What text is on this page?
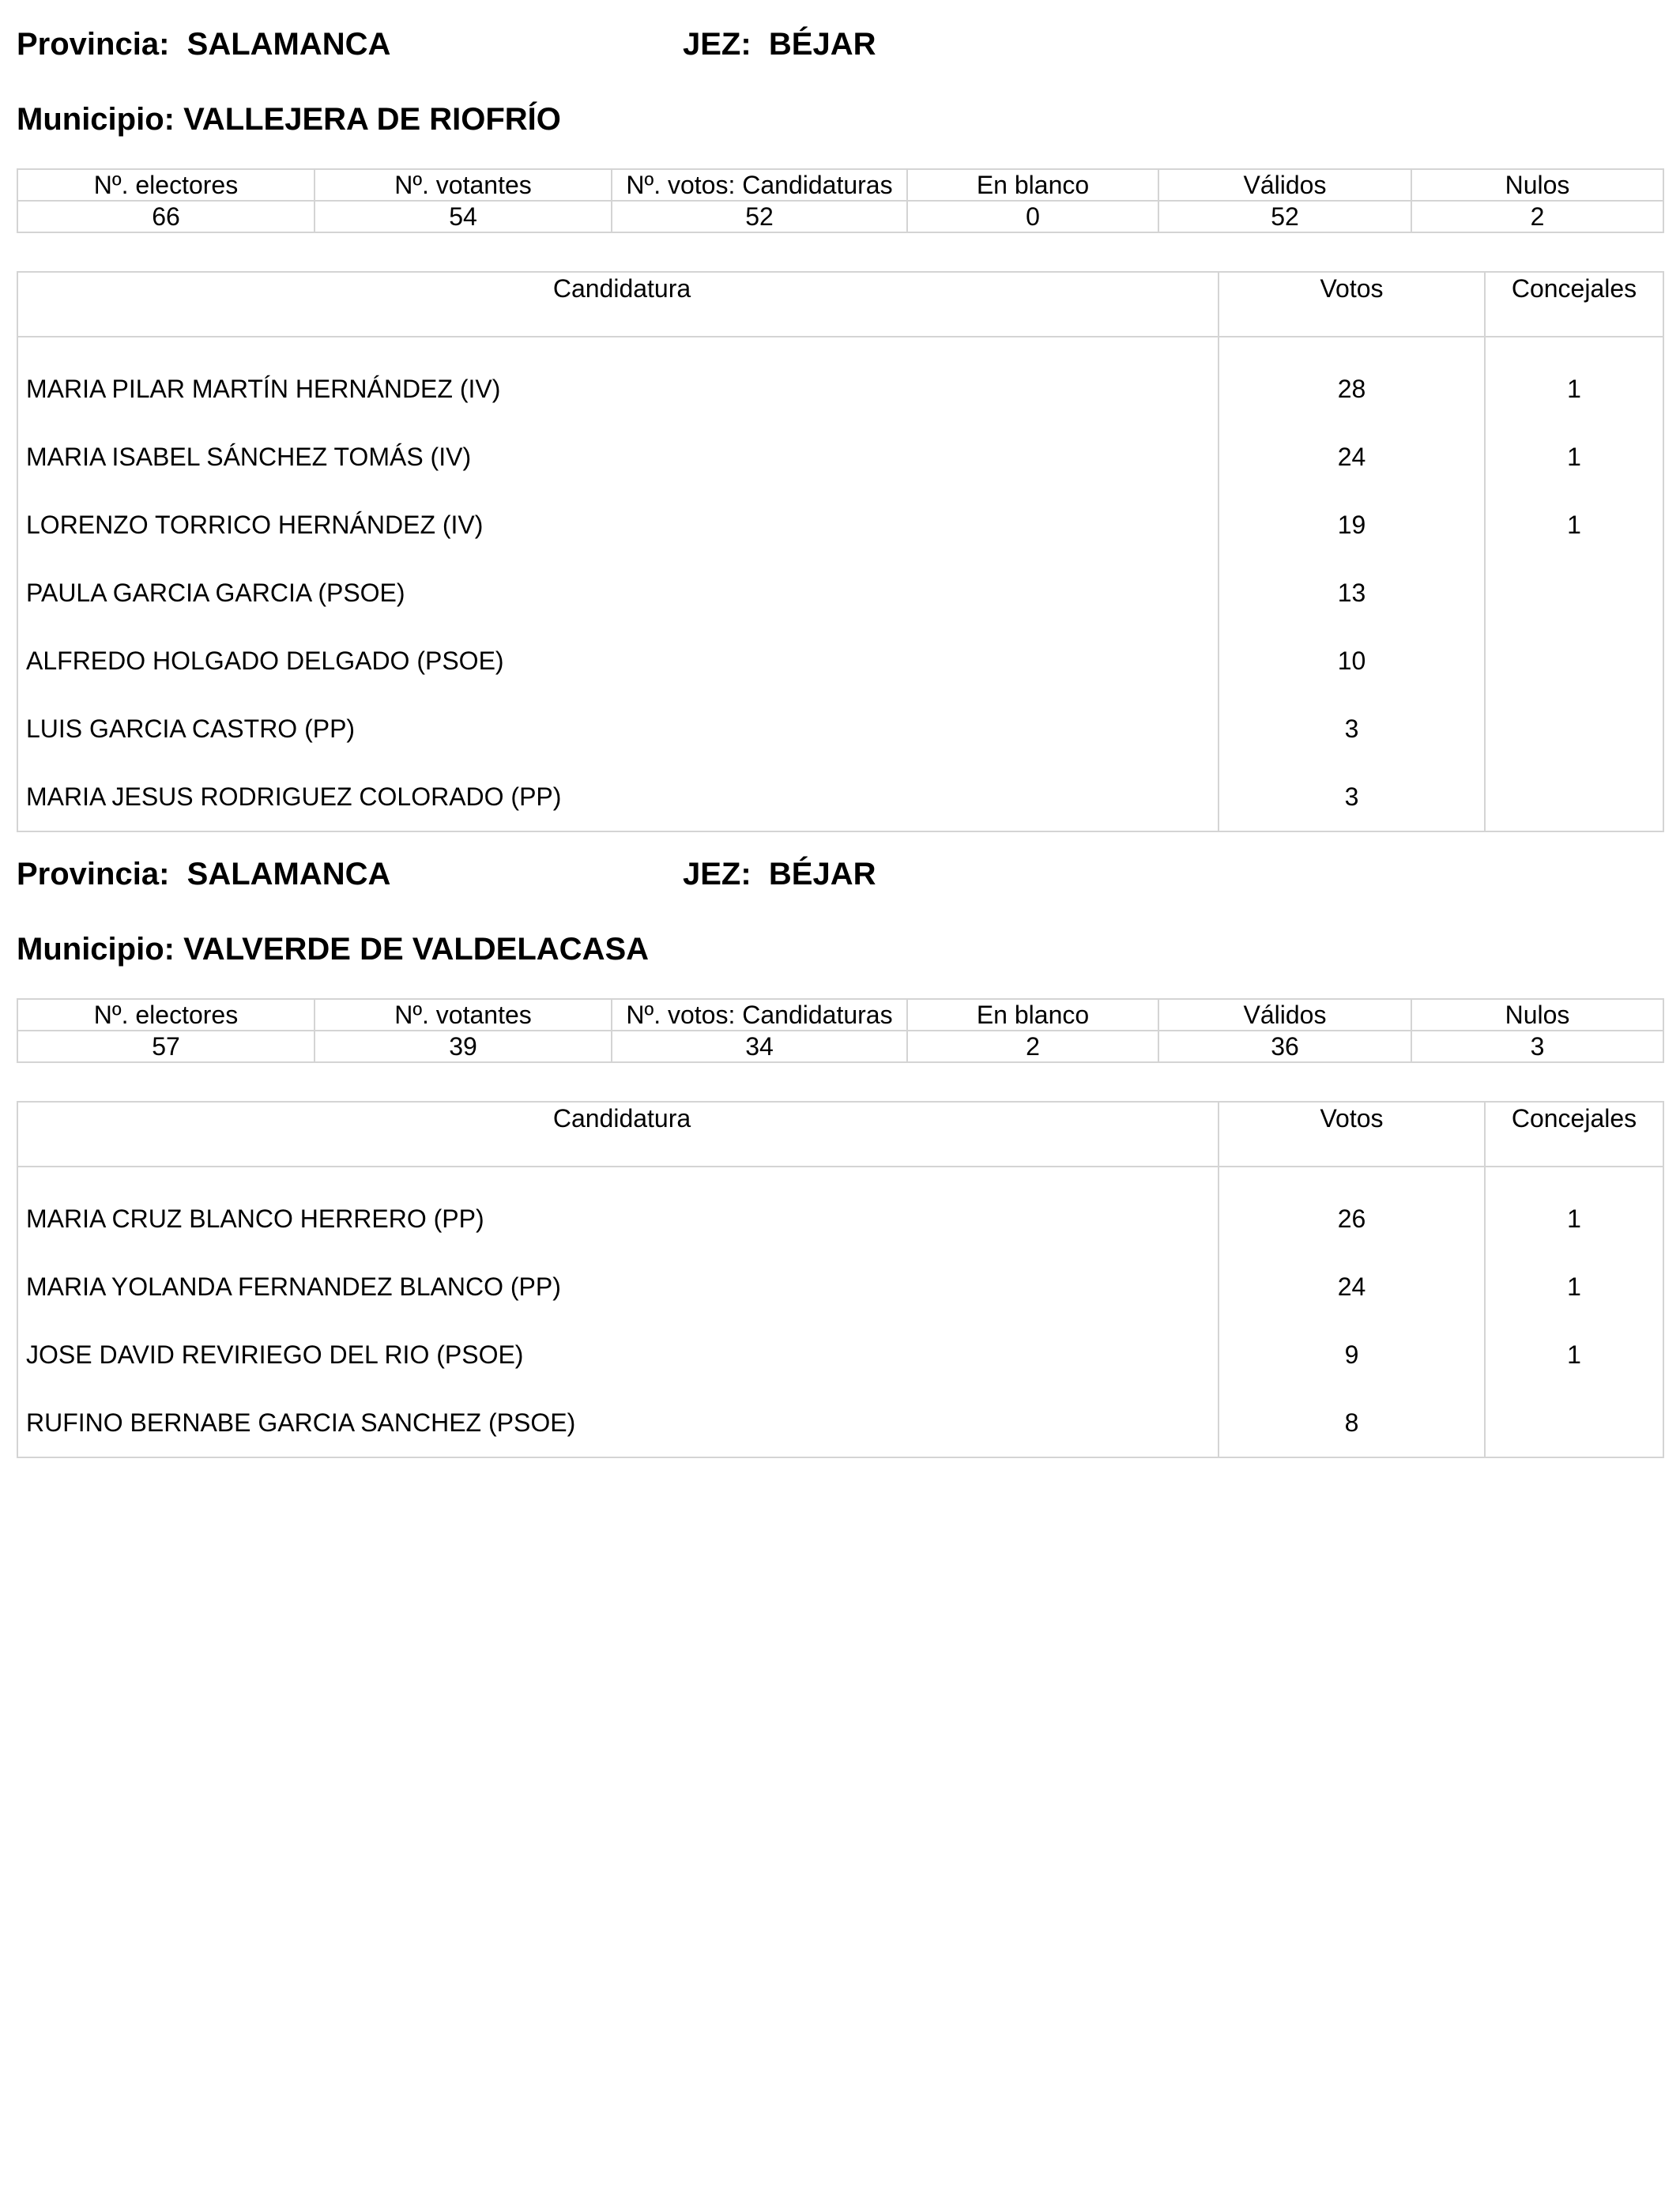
Provincia: SALAMANCA	JEZ: BÉJAR
Municipio: VALLEJERA DE RIOFRÍO
Nº. electores	Nº. votantes	Nº. votos: Candidaturas	En blanco	Válidos	Nulos
66	54	52	0	52	2
Candidatura	Votos	Concejales

MARIA PILAR MARTÍN HERNÁNDEZ (IV)	28	1
MARIA ISABEL SÁNCHEZ TOMÁS (IV)	24	1
LORENZO TORRICO HERNÁNDEZ (IV)	19	1
PAULA GARCIA GARCIA (PSOE)	13	
ALFREDO HOLGADO DELGADO (PSOE)	10	
LUIS GARCIA CASTRO (PP)	3	
MARIA JESUS RODRIGUEZ COLORADO (PP)	3	
Provincia: SALAMANCA	JEZ: BÉJAR
Municipio: VALVERDE DE VALDELACASA
Nº. electores	Nº. votantes	Nº. votos: Candidaturas	En blanco	Válidos	Nulos
57	39	34	2	36	3
Candidatura	Votos	Concejales

MARIA CRUZ BLANCO HERRERO (PP)	26	1
MARIA YOLANDA FERNANDEZ BLANCO (PP)	24	1
JOSE DAVID REVIRIEGO DEL RIO (PSOE)	9	1
RUFINO BERNABE GARCIA SANCHEZ (PSOE)	8	
